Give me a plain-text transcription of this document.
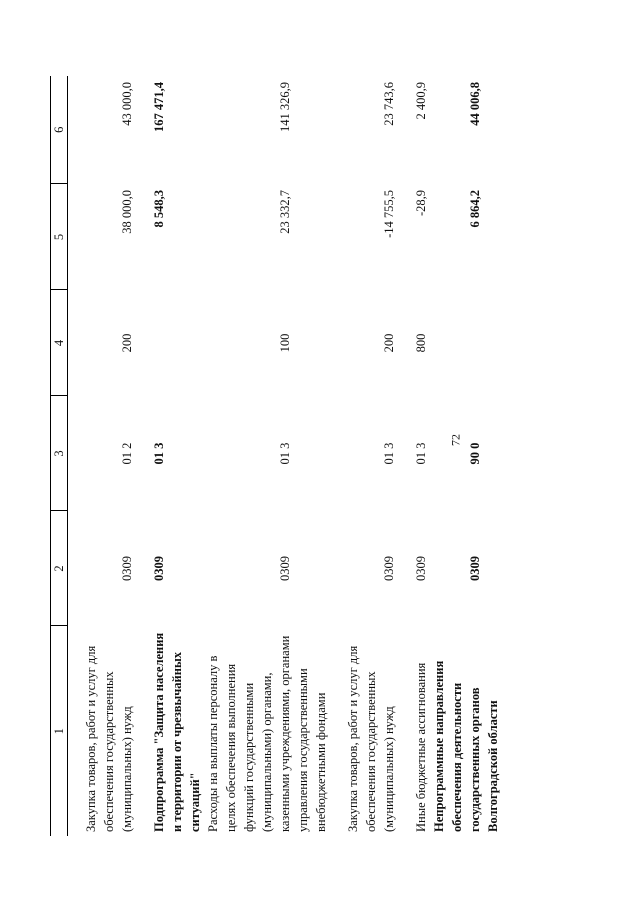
72
1	2	3	4	5	6

Закупка товаров, работ и услуг для обеспечения государственных (муниципальных) нужд	0309	01 2	200	38 000,0	43 000,0

Подпрограмма "Защита населения и территории от чрезвычайных ситуаций"	0309	01 3		8 548,3	167 471,4
Расходы на выплаты персоналу в целях обеспечения выполнения функций государственными (муниципальными) органами, казенными учреждениями, органами управления государственными внебюджетными фондами	0309	01 3	100	23 332,7	141 326,9

Закупка товаров, работ и услуг для обеспечения государственных (муниципальных) нужд	0309	01 3	200	-14 755,5	23 743,6

Иные бюджетные ассигнования	0309	01 3	800	-28,9	2 400,9
Непрограммные направления обеспечения деятельности государственных органов Волгоградской области	0309	90 0		6 864,2	44 006,8
